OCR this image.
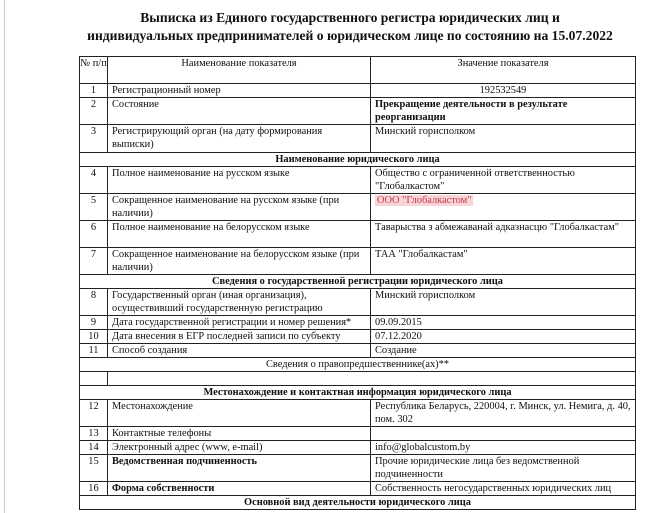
Выписка из Единого государственного регистра юридических лиц и
индивидуальных предпринимателей о юридическом лице по состоянию на 15.07.2022
№ п/п	Наименование показателя	Значение показателя
1	Регистрационный номер	192532549
2	Состояние	Прекращение деятельности в результате реорганизации
3	Регистрирующий орган (на дату формирования выписки)	Минский горисполком
Наименование юридического лица		
4	Полное наименование на русском языке	Общество с ограниченной ответственностью "Глобалкастом"
5	Сокращенное наименование на русском языке (при наличии)	ООО "Глобалкастом"
6	Полное наименование на белорусском языке	Таварыства з абмежаванай адказнасцю "Глобалкастам"
7	Сокращенное наименование на белорусском языке (при наличии)	ТАА "Глобалкастам"
Сведения о государственной регистрации юридического лица		
8	Государственный орган (иная организация), осуществивший государственную регистрацию	Минский горисполком
9	Дата государственной регистрации и номер решения*	09.09.2015
10	Дата внесения в ЕГР последней записи по субъекту	07.12.2020
11	Способ создания	Создание
Сведения о правопредшественнике(ах)**		

Местонахождение и контактная информация юридического лица		
12	Местонахождение	Республика Беларусь, 220004, г. Минск, ул. Немига, д. 40, пом. 302
13	Контактные телефоны	
14	Электронный адрес (www, e-mail)	info@globalcustom.by
15	Ведомственная подчиненность	Прочие юридические лица без ведомственной подчиненности
16	Форма собственности	Собственность негосударственных юридических лиц
Основной вид деятельности юридического лица		
